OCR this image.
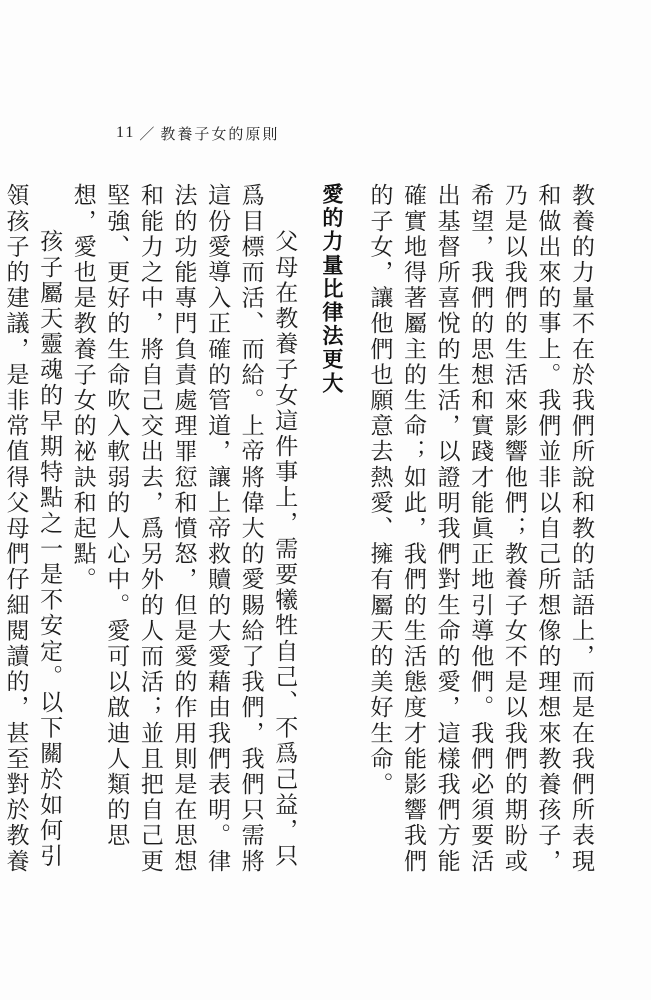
11 ／ 教養子女的原則

教養的力量不在於我們所說和教的話語上，而是在我們所表現和做出來的事上。我們並非以自己所想像的理想來教養孩子，乃是以我們的生活來影響他們；教養子女不是以我們的期盼或希望，我們的思想和實踐才能眞正地引導他們。我們必須要活出基督所喜悅的生活，以證明我們對生命的愛，這樣我們方能確實地得著屬主的生命；如此，我們的生活態度才能影響我們的子女，讓他們也願意去熱愛、擁有屬天的美好生命。

愛的力量比律法更大

父母在教養子女這件事上，需要犧牲自己、不爲己益，只爲目標而活、而給。上帝將偉大的愛賜給了我們，我們只需將這份愛導入正確的管道，讓上帝救贖的大愛藉由我們表明。律法的功能專門負責處理罪愆和憤怒，但是愛的作用則是在思想和能力之中，將自己交出去，爲另外的人而活；並且把自己更堅強、更好的生命吹入軟弱的人心中。愛可以啟迪人類的思想，愛也是教養子女的祕訣和起點。

孩子屬天靈魂的早期特點之一是不安定。以下關於如何引領孩子的建議，是非常值得父母們仔細閱讀的，甚至對於教養
